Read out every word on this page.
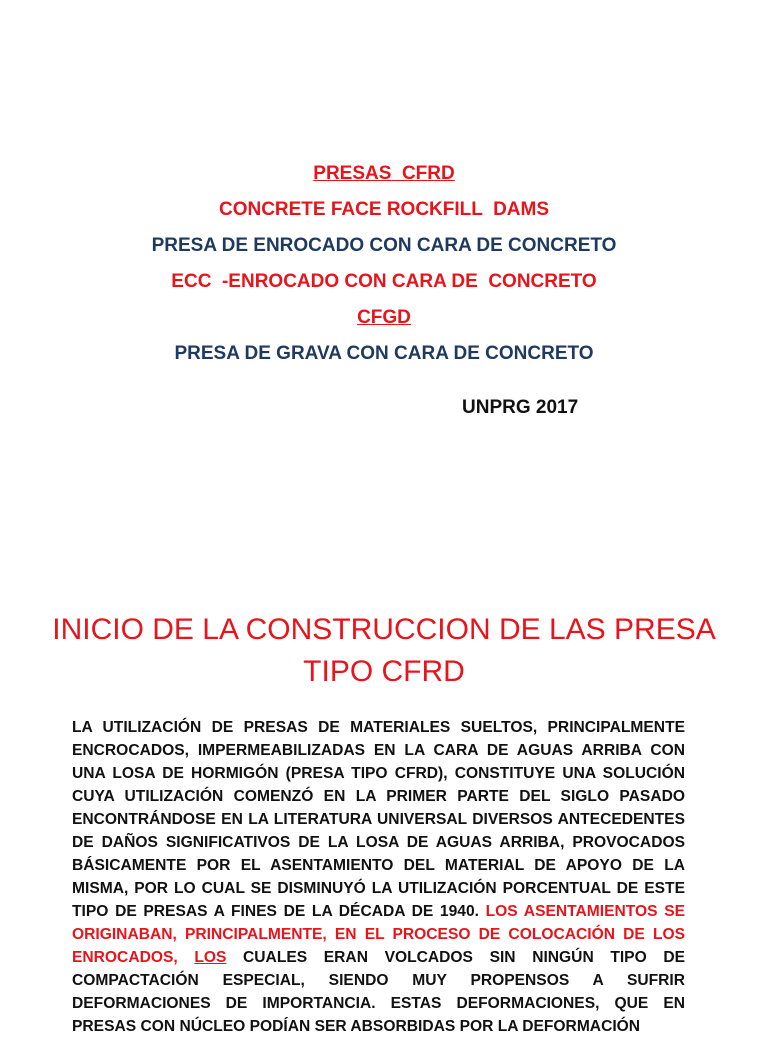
PRESAS  CFRD
CONCRETE FACE ROCKFILL  DAMS
PRESA DE ENROCADO CON CARA DE CONCRETO
ECC  -ENROCADO CON CARA DE  CONCRETO
CFGD
PRESA DE GRAVA CON CARA DE CONCRETO
UNPRG 2017
INICIO DE LA CONSTRUCCION DE LAS PRESA
TIPO CFRD

LA UTILIZACIÓN DE PRESAS DE MATERIALES SUELTOS, PRINCIPALMENTE ENCROCADOS, IMPERMEABILIZADAS EN LA CARA DE AGUAS ARRIBA CON UNA LOSA DE HORMIGÓN (PRESA TIPO CFRD), CONSTITUYE UNA SOLUCIÓN CUYA UTILIZACIÓN COMENZÓ EN LA PRIMER PARTE DEL SIGLO PASADO ENCONTRÁNDOSE EN LA LITERATURA UNIVERSAL DIVERSOS ANTECEDENTES DE DAÑOS SIGNIFICATIVOS DE LA LOSA DE AGUAS ARRIBA, PROVOCADOS BÁSICAMENTE POR EL ASENTAMIENTO DEL MATERIAL DE APOYO DE LA MISMA, POR LO CUAL SE DISMINUYÓ LA UTILIZACIÓN PORCENTUAL DE ESTE TIPO DE PRESAS A FINES DE LA DÉCADA DE 1940. LOS ASENTAMIENTOS SE ORIGINABAN, PRINCIPALMENTE, EN EL PROCESO DE COLOCACIÓN DE LOS ENROCADOS, LOS CUALES ERAN VOLCADOS SIN NINGÚN TIPO DE COMPACTACIÓN ESPECIAL, SIENDO MUY PROPENSOS A SUFRIR DEFORMACIONES DE IMPORTANCIA. ESTAS DEFORMACIONES, QUE EN PRESAS CON NÚCLEO PODÍAN SER ABSORBIDAS POR LA DEFORMACIÓN
